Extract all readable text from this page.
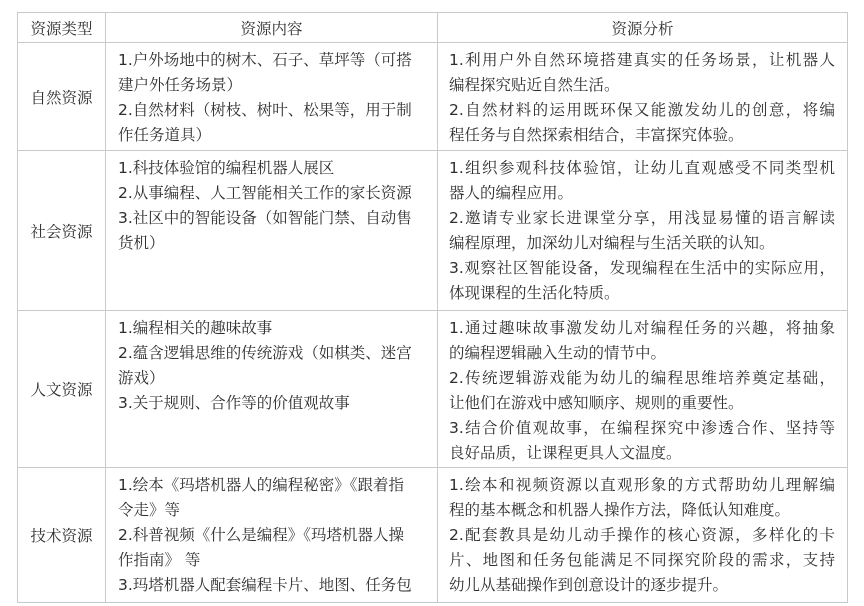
资源类型	资源内容	资源分析
自然资源
1.户外场地中的树木、石子、草坪等（可搭
建户外任务场景）
2.自然材料（树枝、树叶、松果等，用于制
作任务道具）
1.利用户外自然环境搭建真实的任务场景，让机器人
编程探究贴近自然生活。
2.自然材料的运用既环保又能激发幼儿的创意，将编
程任务与自然探索相结合，丰富探究体验。
社会资源
1.科技体验馆的编程机器人展区
2.从事编程、人工智能相关工作的家长资源
3.社区中的智能设备（如智能门禁、自动售
货机）
1.组织参观科技体验馆，让幼儿直观感受不同类型机
器人的编程应用。
2.邀请专业家长进课堂分享，用浅显易懂的语言解读
编程原理，加深幼儿对编程与生活关联的认知。
3.观察社区智能设备，发现编程在生活中的实际应用，
体现课程的生活化特质。
人文资源
1.编程相关的趣味故事
2.蕴含逻辑思维的传统游戏（如棋类、迷宫
游戏）
3.关于规则、合作等的价值观故事
1.通过趣味故事激发幼儿对编程任务的兴趣，将抽象
的编程逻辑融入生动的情节中。
2.传统逻辑游戏能为幼儿的编程思维培养奠定基础，
让他们在游戏中感知顺序、规则的重要性。
3.结合价值观故事，在编程探究中渗透合作、坚持等
良好品质，让课程更具人文温度。
技术资源
1.绘本《玛塔机器人的编程秘密》《跟着指
令走》等
2.科普视频《什么是编程》《玛塔机器人操
作指南》 等
3.玛塔机器人配套编程卡片、地图、任务包
1.绘本和视频资源以直观形象的方式帮助幼儿理解编
程的基本概念和机器人操作方法，降低认知难度。
2.配套教具是幼儿动手操作的核心资源，多样化的卡
片、地图和任务包能满足不同探究阶段的需求，支持
幼儿从基础操作到创意设计的逐步提升。
